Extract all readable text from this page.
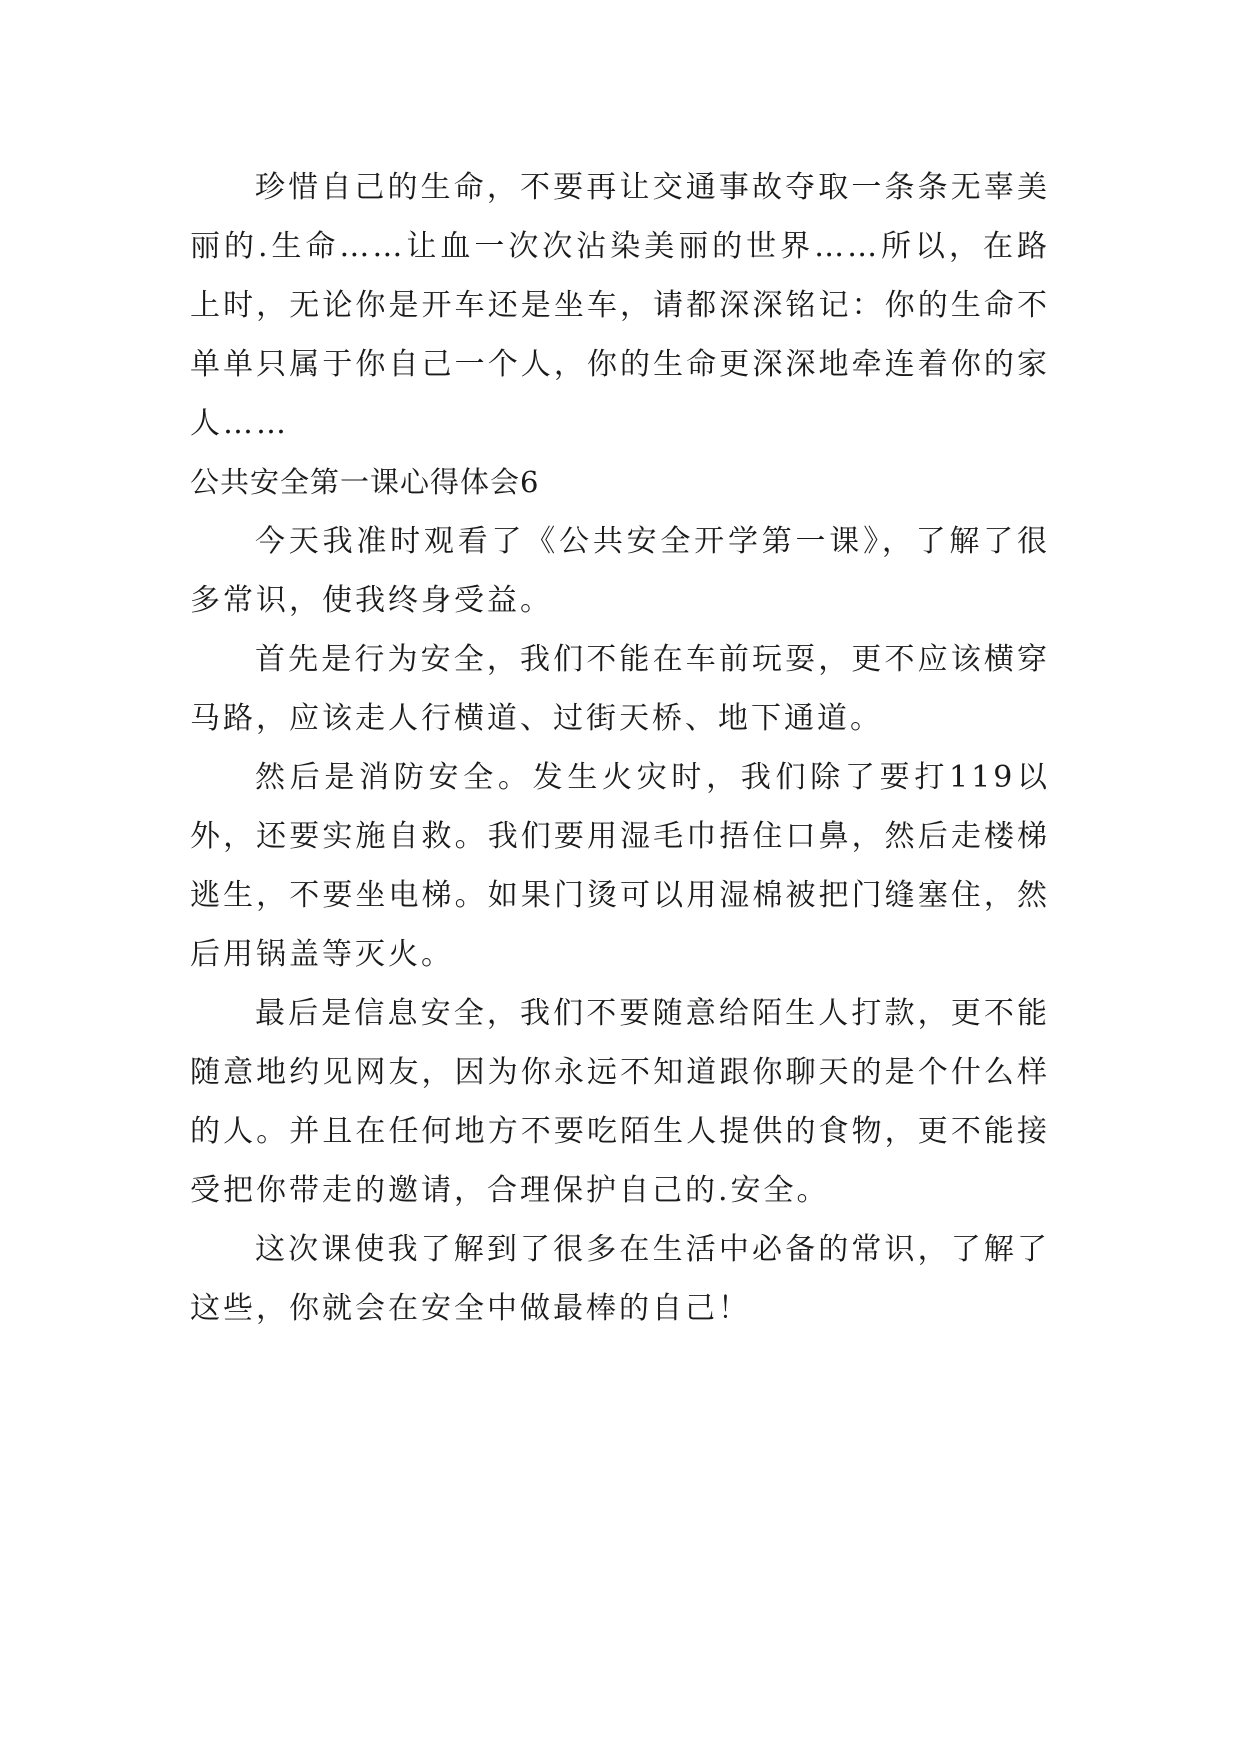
珍惜自己的生命，不要再让交通事故夺取一条条无辜美丽的.生命……让血一次次沾染美丽的世界……所以，在路上时，无论你是开车还是坐车，请都深深铭记：你的生命不单单只属于你自己一个人，你的生命更深深地牵连着你的家人……

公共安全第一课心得体会6

今天我准时观看了《公共安全开学第一课》，了解了很多常识，使我终身受益。

首先是行为安全，我们不能在车前玩耍，更不应该横穿马路，应该走人行横道、过街天桥、地下通道。

然后是消防安全。发生火灾时，我们除了要打119以外，还要实施自救。我们要用湿毛巾捂住口鼻，然后走楼梯逃生，不要坐电梯。如果门烫可以用湿棉被把门缝塞住，然后用锅盖等灭火。

最后是信息安全，我们不要随意给陌生人打款，更不能随意地约见网友，因为你永远不知道跟你聊天的是个什么样的人。并且在任何地方不要吃陌生人提供的食物，更不能接受把你带走的邀请，合理保护自己的.安全。

这次课使我了解到了很多在生活中必备的常识，了解了这些，你就会在安全中做最棒的自己！
